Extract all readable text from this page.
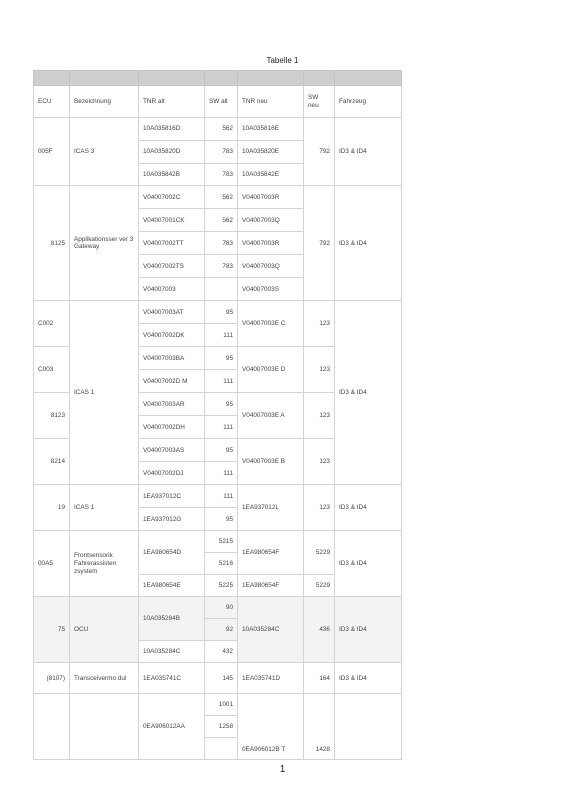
Tabelle 1

ECU	Bezeichnung	TNR alt	SW alt	TNR neu	SW neu	Fahrzeug
005F	ICAS 3	10A035816D	562	10A035816E	792	ID3 & ID4
		10A035820D	783	10A035820E		
		10A035842B	783	10A035842E		
8125	Applikationsser ver 3 Gateway	V04007002C	562	V04007003R	792	ID3 & ID4
		V04007001CK	562	V04007003Q		
		V04007002TT	783	V04007003R		
		V04007002TS	783	V04007003Q		
		V04007003		V04007003S		
C002	ICAS 1	V04007003AT	95	V04007003E C	123	ID3 & ID4
		V04007002DK	111			
C003		V04007003BA	95	V04007003E D	123	
		V04007002D M	111			
8123		V04007003AR	95	V04007003E A	123	
		V04007002DH	111			
8214		V04007003AS	95	V04007003E B	123	
		V04007002DJ	111			
19	ICAS 1	1EA937012C	111	1EA937012L	123	ID3 & ID4
		1EA937012G	95			
00A5	Frontsensorik Fahrerassisten zsystem	1EA980654D	5215	1EA980654F	5229	ID3 & ID4
			5216			
		1EA980654E	5225	1EA980654F	5229	
75	OCU	10A035284B	90	10A035284C	436	ID3 & ID4
			92			
		10A035284C	432			
(8107)	Transceivermo dul	1EA035741C	145	1EA035741D	164	ID3 & ID4
		0EA906012AA	1001	0EA906012B T	1428	
			1258			

1
